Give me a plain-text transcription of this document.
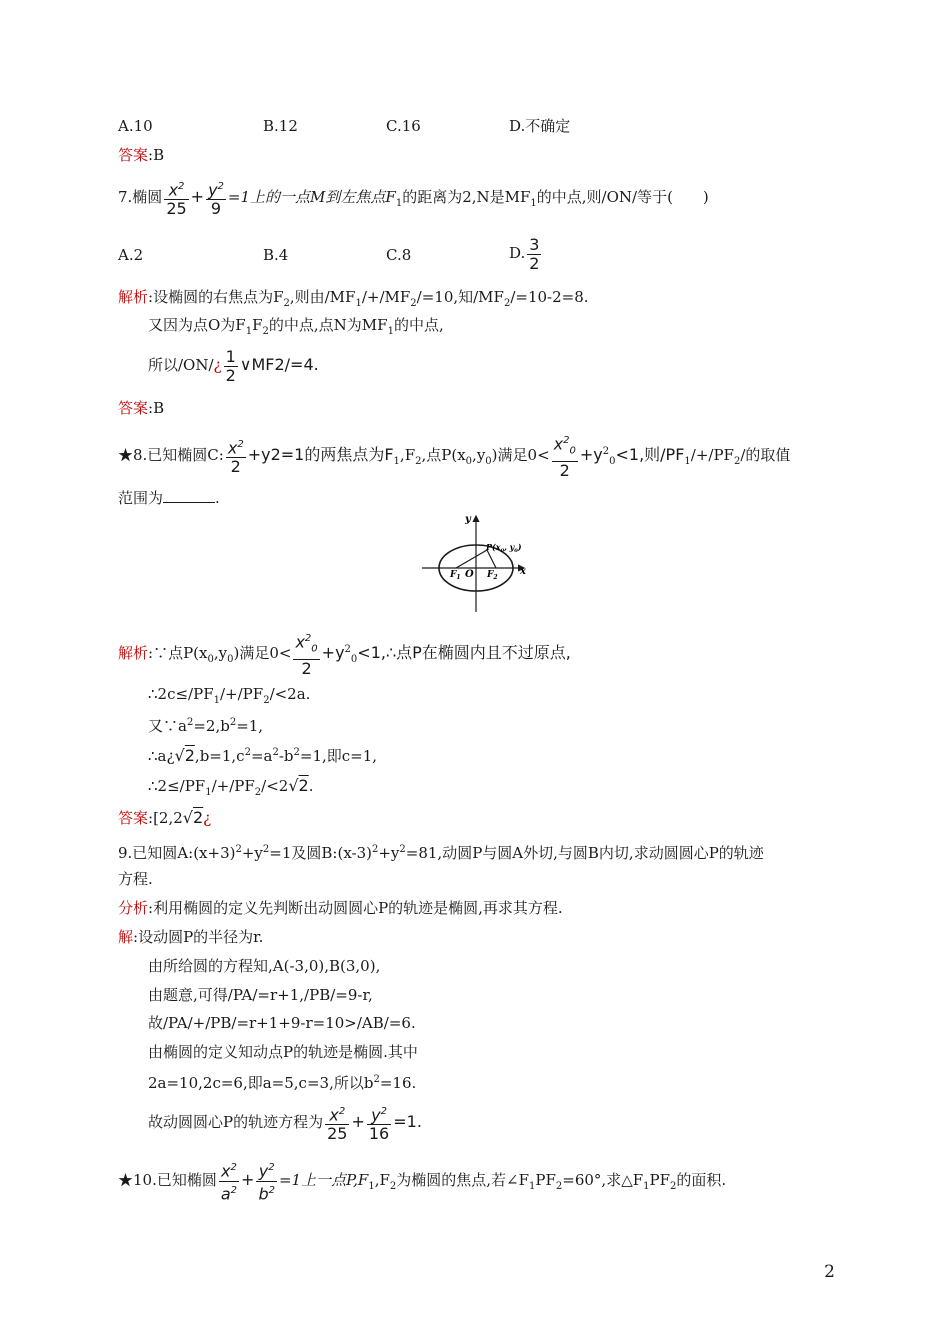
A.10	B.12	C.16	D.不确定
答案:B
7.椭圆 $\frac{x^2}{25} + \frac{y^2}{9} =1$上的一点M到左焦点$F_1$的距离为2,N是$MF_1$的中点,则/ON/等于(　　)
A.2	B.4	C.8	D. $\frac{3}{2}$
解析:设椭圆的右焦点为$F_2$,则由$/MF_1/+/MF_2/=10$,知$/MF_2/=10-2=8$.
又因为点O为$F_1F_2$的中点,点N为$MF_1$的中点,
所以/ON/¿ $\frac{1}{2}$ ∨MF2/=4.
答案:B
★8.已知椭圆C: $\frac{x^2}{2} +y2=1$的两焦点为$F_1,F_2$,点$P(x_0,y_0)$满足$0< \frac{x^2_0}{2} +y^2_0<1$,则$/PF_1/+/PF_2/$的取值
范围为	.
y
x
O
$F_1$	$F_2$
$P(x_0$, $y_0$)
解析:∵点$P(x_0,y_0)$满足$0< \frac{x^2_0}{2}$ $+y^2_0<1,\therefore$点P在椭圆内且不过原点,
$\therefore 2c\le/PF_1/+/PF_2/<2a$.
又$\because a^2=2,b^2=1$,
$\therefore a¿√2,b=1,c^2=a^2-b^2=1$,即c=1,
$\therefore 2\le/PF_1/+/PF_2/<2√2$.
答案:[2,2√2¿
9.已知圆$A:(x+3)^2+y^2=1$及圆$B:(x-3)^2+y^2=81$,动圆P与圆A外切,与圆B内切,求动圆圆心P的轨迹
方程.
分析:利用椭圆的定义先判断出动圆圆心P的轨迹是椭圆,再求其方程.
解:设动圆P的半径为r.
由所给圆的方程知,A(-3,0),B(3,0),
由题意,可得/PA/=r+1,/PB/=9-r,
故/PA/+/PB/=r+1+9-r=10>/AB/=6.
由椭圆的定义知动点P的轨迹是椭圆.其中
2a=10,2c=6,即a=5,c=3,所以$b^2=16$.
故动圆圆心P的轨迹方程为 $\frac{x^2}{25} + \frac{y^2}{16} =1$.
★10.已知椭圆 $\frac{x^2}{a^2} + \frac{y^2}{b^2} =1$上一点$P,F_1,F_2$为椭圆的焦点,若$\angle F_1PF_2=60^\circ$,求$\triangle F_1PF_2$的面积.
2
